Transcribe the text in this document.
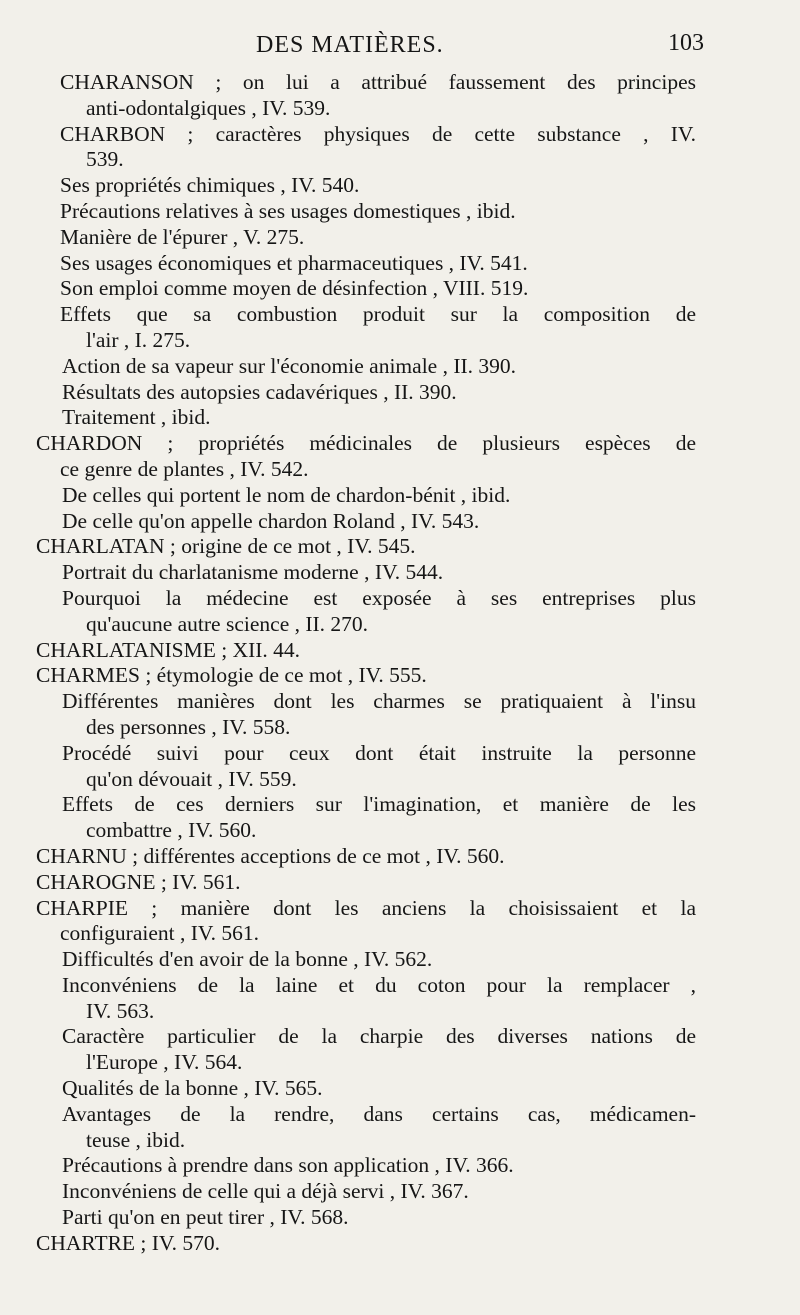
DES MATIÈRES.	103
CHARANSON ; on lui a attribué faussement des principes
anti-odontalgiques , IV. 539.
CHARBON ; caractères physiques de cette substance , IV.
539.
Ses propriétés chimiques , IV. 540.
Précautions relatives à ses usages domestiques , ibid.
Manière de l'épurer , V. 275.
Ses usages économiques et pharmaceutiques , IV. 541.
Son emploi comme moyen de désinfection , VIII. 519.
Effets que sa combustion produit sur la composition de
l'air , I. 275.
Action de sa vapeur sur l'économie animale , II. 390.
Résultats des autopsies cadavériques , II. 390.
Traitement , ibid.
CHARDON ; propriétés médicinales de plusieurs espèces de
ce genre de plantes , IV. 542.
De celles qui portent le nom de chardon-bénit , ibid.
De celle qu'on appelle chardon Roland , IV. 543.
CHARLATAN ; origine de ce mot , IV. 545.
Portrait du charlatanisme moderne , IV. 544.
Pourquoi la médecine est exposée à ses entreprises plus
qu'aucune autre science , II. 270.
CHARLATANISME ; XII. 44.
CHARMES ; étymologie de ce mot , IV. 555.
Différentes manières dont les charmes se pratiquaient à l'insu
des personnes , IV. 558.
Procédé suivi pour ceux dont était instruite la personne
qu'on dévouait , IV. 559.
Effets de ces derniers sur l'imagination, et manière de les
combattre , IV. 560.
CHARNU ; différentes acceptions de ce mot , IV. 560.
CHAROGNE ; IV. 561.
CHARPIE ; manière dont les anciens la choisissaient et la
configuraient , IV. 561.
Difficultés d'en avoir de la bonne , IV. 562.
Inconvéniens de la laine et du coton pour la remplacer ,
IV. 563.
Caractère particulier de la charpie des diverses nations de
l'Europe , IV. 564.
Qualités de la bonne , IV. 565.
Avantages de la rendre, dans certains cas, médicamen-
teuse , ibid.
Précautions à prendre dans son application , IV. 366.
Inconvéniens de celle qui a déjà servi , IV. 367.
Parti qu'on en peut tirer , IV. 568.
CHARTRE ; IV. 570.
